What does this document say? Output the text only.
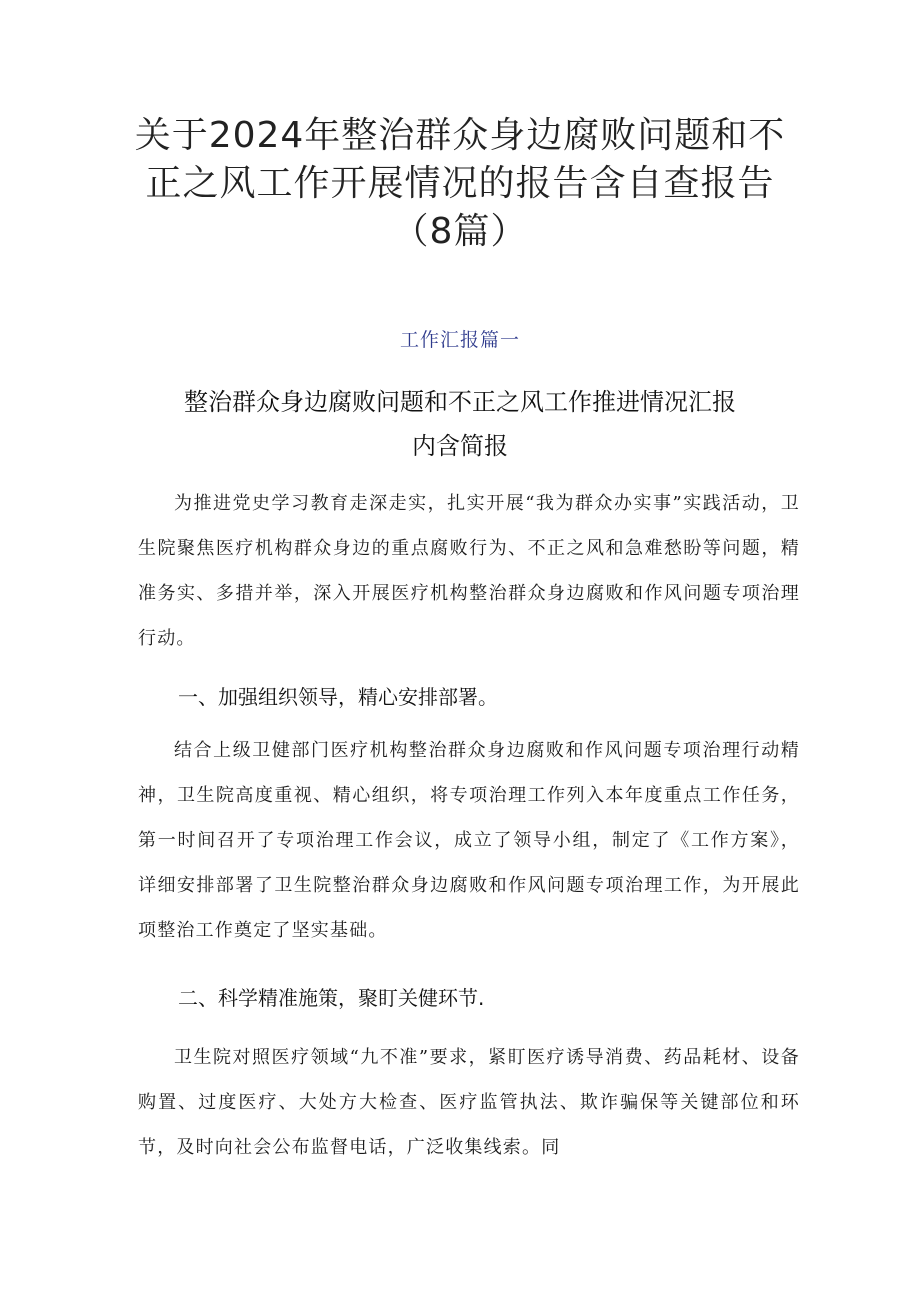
关于2024年整治群众身边腐败问题和不正之风工作开展情况的报告含自查报告（8篇）
工作汇报篇一
整治群众身边腐败问题和不正之风工作推进情况汇报内含简报

为推进党史学习教育走深走实，扎实开展“我为群众办实事”实践活动，卫生院聚焦医疗机构群众身边的重点腐败行为、不正之风和急难愁盼等问题，精准务实、多措并举，深入开展医疗机构整治群众身边腐败和作风问题专项治理行动。

一、加强组织领导，精心安排部署。

结合上级卫健部门医疗机构整治群众身边腐败和作风问题专项治理行动精神，卫生院高度重视、精心组织，将专项治理工作列入本年度重点工作任务，第一时间召开了专项治理工作会议，成立了领导小组，制定了《工作方案》，详细安排部署了卫生院整治群众身边腐败和作风问题专项治理工作，为开展此项整治工作奠定了坚实基础。

二、科学精准施策，聚盯关健环节.

卫生院对照医疗领域“九不准”要求，紧盯医疗诱导消费、药品耗材、设备购置、过度医疗、大处方大检查、医疗监管执法、欺诈骗保等关键部位和环节，及时向社会公布监督电话，广泛收集线索。同
